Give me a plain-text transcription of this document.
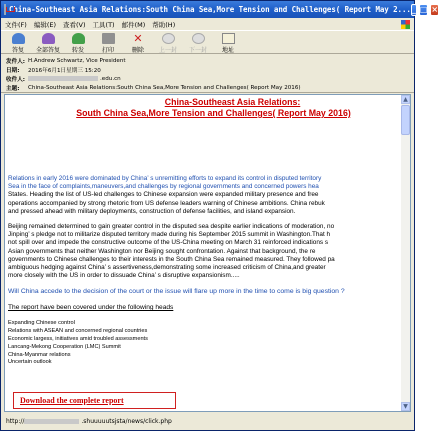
China-Southeast Asia Relations:South China Sea,More Tension and Challenges( Report May 2... _ □ ×
文件(F) 编辑(E) 查看(V) 工具(T) 邮件(M) 帮助(H)
答复 全部答复 转发	打印
✕
删除 上一封 下一封 地址
发件人: H.Andrew Schwartz, Vice President
日期:	2016年6月1日星期三 15:20
收件人:	.edu.cn
主题:	China-Southeast Asia Relations:South China Sea,More Tension and Challenges( Report May 2016)
China-Southeast Asia Relations:
South China Sea,More Tension and Challenges( Report May 2016)
Relations in early 2016 were dominated by China’ s unremitting efforts to expand its control in disputed territory
Sea in the face of complaints,maneuvers,and challenges by regional governments and concerned powers hea
States. Heading the list of US-led challenges to Chinese expansion were expanded military presence and free
operations accompanied by strong rhetoric from US defense leaders warning of Chinese ambitions. China rebuk
and pressed ahead with military deployments, construction of defense facilities, and island expansion.
Beijing remained determined to gain greater control in the disputed sea despite earlier indications of moderation, no
Jinping’ s pledge not to militarize disputed territory made during his September 2015 summit in Washington.That h
not spill over and impede the constructive outcome of the US-China meeting on March 31 reinforced indications s
Asian governments that neither Washington nor Beijing sought confrontation. Against that background, the re
governments to Chinese challenges to their interests in the South China Sea remained measured. They followed pa
ambiguous hedging against China’ s assertiveness,demonstrating some increased criticism of China,and greater
more closely with the US in order to dissuade China’ s disruptive expansionism.....
Will China accede to the decision of the court or the issue will flare up more in the time to come is big question ?
The report have been covered under the following heads
Expanding Chinese control
Relations with ASEAN and concerned regional countries
Economic largess, initiatives amid troubled assessments
Lancang-Mekong Cooperation (LMC) Summit
China-Myanmar relations
Uncertain outlook
Download the complete report
▲
▼
http://	.shuuuuutsjsta/news/click.php
